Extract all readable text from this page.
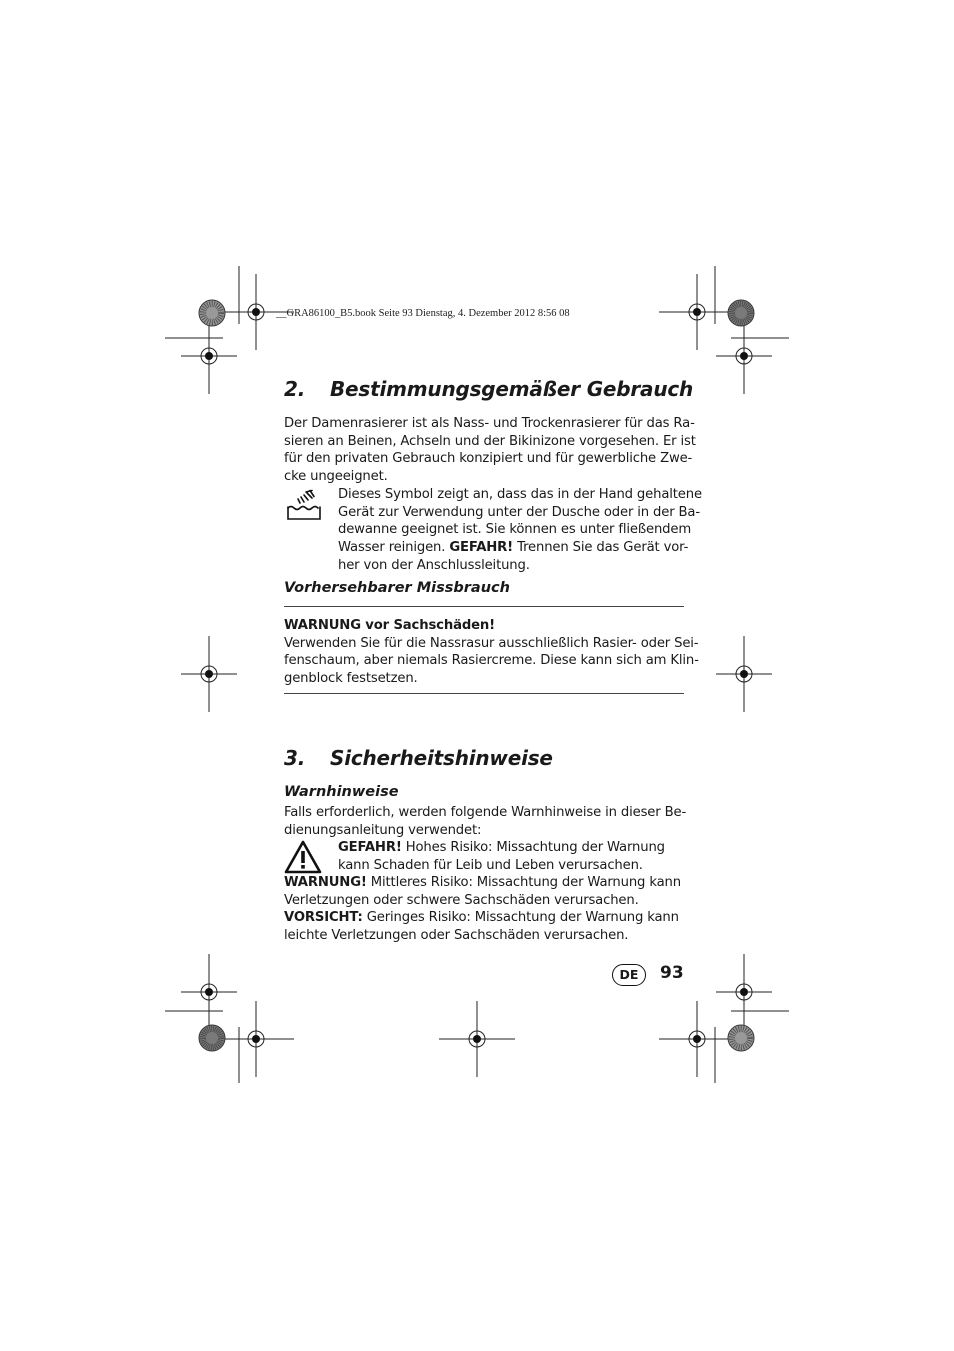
__GRA86100_B5.book Seite 93 Dienstag, 4. Dezember 2012 8:56 08
2. Bestimmungsgemäßer Gebrauch
Der Damenrasierer ist als Nass- und Trockenrasierer für das Ra-
sieren an Beinen, Achseln und der Bikinizone vorgesehen. Er ist
für den privaten Gebrauch konzipiert und für gewerbliche Zwe-
cke ungeeignet.
Dieses Symbol zeigt an, dass das in der Hand gehaltene
Gerät zur Verwendung unter der Dusche oder in der Ba-
dewanne geeignet ist. Sie können es unter fließendem
Wasser reinigen. GEFAHR! Trennen Sie das Gerät vor-
her von der Anschlussleitung.
Vorhersehbarer Missbrauch
WARNUNG vor Sachschäden!
Verwenden Sie für die Nassrasur ausschließlich Rasier- oder Sei-
fenschaum, aber niemals Rasiercreme. Diese kann sich am Klin-
genblock festsetzen.
3. Sicherheitshinweise
Warnhinweise
Falls erforderlich, werden folgende Warnhinweise in dieser Be-
dienungsanleitung verwendet:
GEFAHR! Hohes Risiko: Missachtung der Warnung
kann Schaden für Leib und Leben verursachen.
WARNUNG! Mittleres Risiko: Missachtung der Warnung kann
Verletzungen oder schwere Sachschäden verursachen.
VORSICHT: Geringes Risiko: Missachtung der Warnung kann
leichte Verletzungen oder Sachschäden verursachen.
DE	93
